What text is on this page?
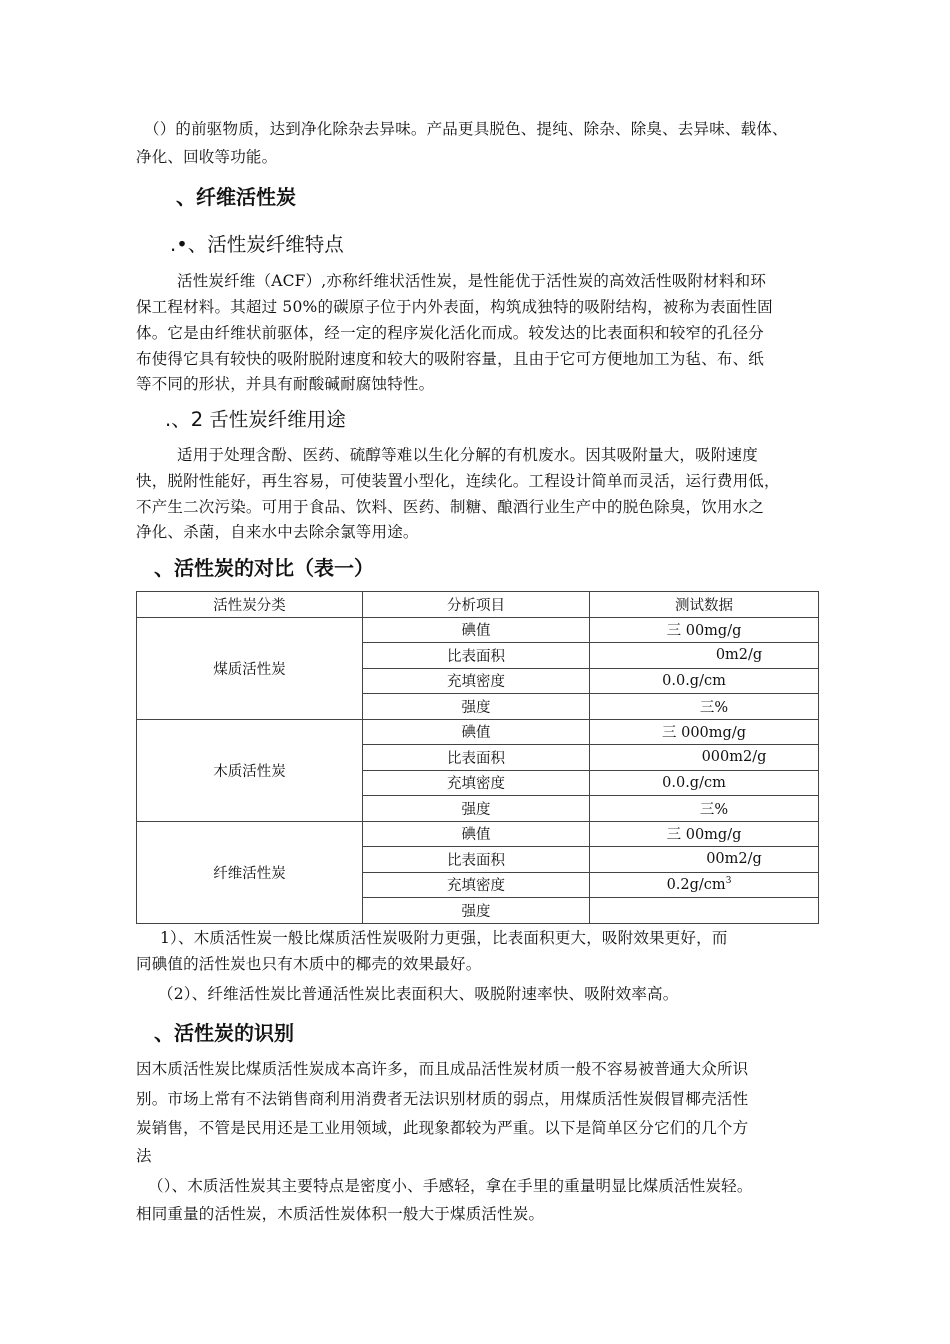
（）的前驱物质，达到净化除杂去异味。产品更具脱色、提纯、除杂、除臭、去异味、载体、

净化、回收等功能。

、纤维活性炭
.•、活性炭纤维特点

活性炭纤维（ACF）,亦称纤维状活性炭，是性能优于活性炭的高效活性吸附材料和环

保工程材料。其超过 50%的碳原子位于内外表面，构筑成独特的吸附结构，被称为表面性固

体。它是由纤维状前驱体，经一定的程序炭化活化而成。较发达的比表面积和较窄的孔径分

布使得它具有较快的吸附脱附速度和较大的吸附容量，且由于它可方便地加工为毡、布、纸

等不同的形状，并具有耐酸碱耐腐蚀特性。

.、2 舌性炭纤维用途

适用于处理含酚、医药、硫醇等难以生化分解的有机废水。因其吸附量大，吸附速度

快，脱附性能好，再生容易，可使装置小型化，连续化。工程设计简单而灵活，运行费用低，

不产生二次污染。可用于食品、饮料、医药、制糖、酿酒行业生产中的脱色除臭，饮用水之

净化、杀菌，自来水中去除余氯等用途。

、活性炭的对比（表一）
活性炭分类	分析项目	测试数据
煤质活性炭	碘值	三 00mg/g
	比表面积	0m2/g
	充填密度	0.0.g/cm
	强度	三%
木质活性炭	碘值	三 000mg/g
	比表面积	000m2/g
	充填密度	0.0.g/cm
	强度	三%
纤维活性炭	碘值	三 00mg/g
	比表面积	00m2/g
	充填密度	$0.2g/cm^3$
	强度	

1）、木质活性炭一般比煤质活性炭吸附力更强，比表面积更大，吸附效果更好，而

同碘值的活性炭也只有木质中的椰壳的效果最好。

（2）、纤维活性炭比普通活性炭比表面积大、吸脱附速率快、吸附效率高。

、活性炭的识别

因木质活性炭比煤质活性炭成本高许多，而且成品活性炭材质一般不容易被普通大众所识

别。市场上常有不法销售商利用消费者无法识别材质的弱点，用煤质活性炭假冒椰壳活性

炭销售，不管是民用还是工业用领域，此现象都较为严重。以下是简单区分它们的几个方

法

（）、木质活性炭其主要特点是密度小、手感轻，拿在手里的重量明显比煤质活性炭轻。

相同重量的活性炭，木质活性炭体积一般大于煤质活性炭。
